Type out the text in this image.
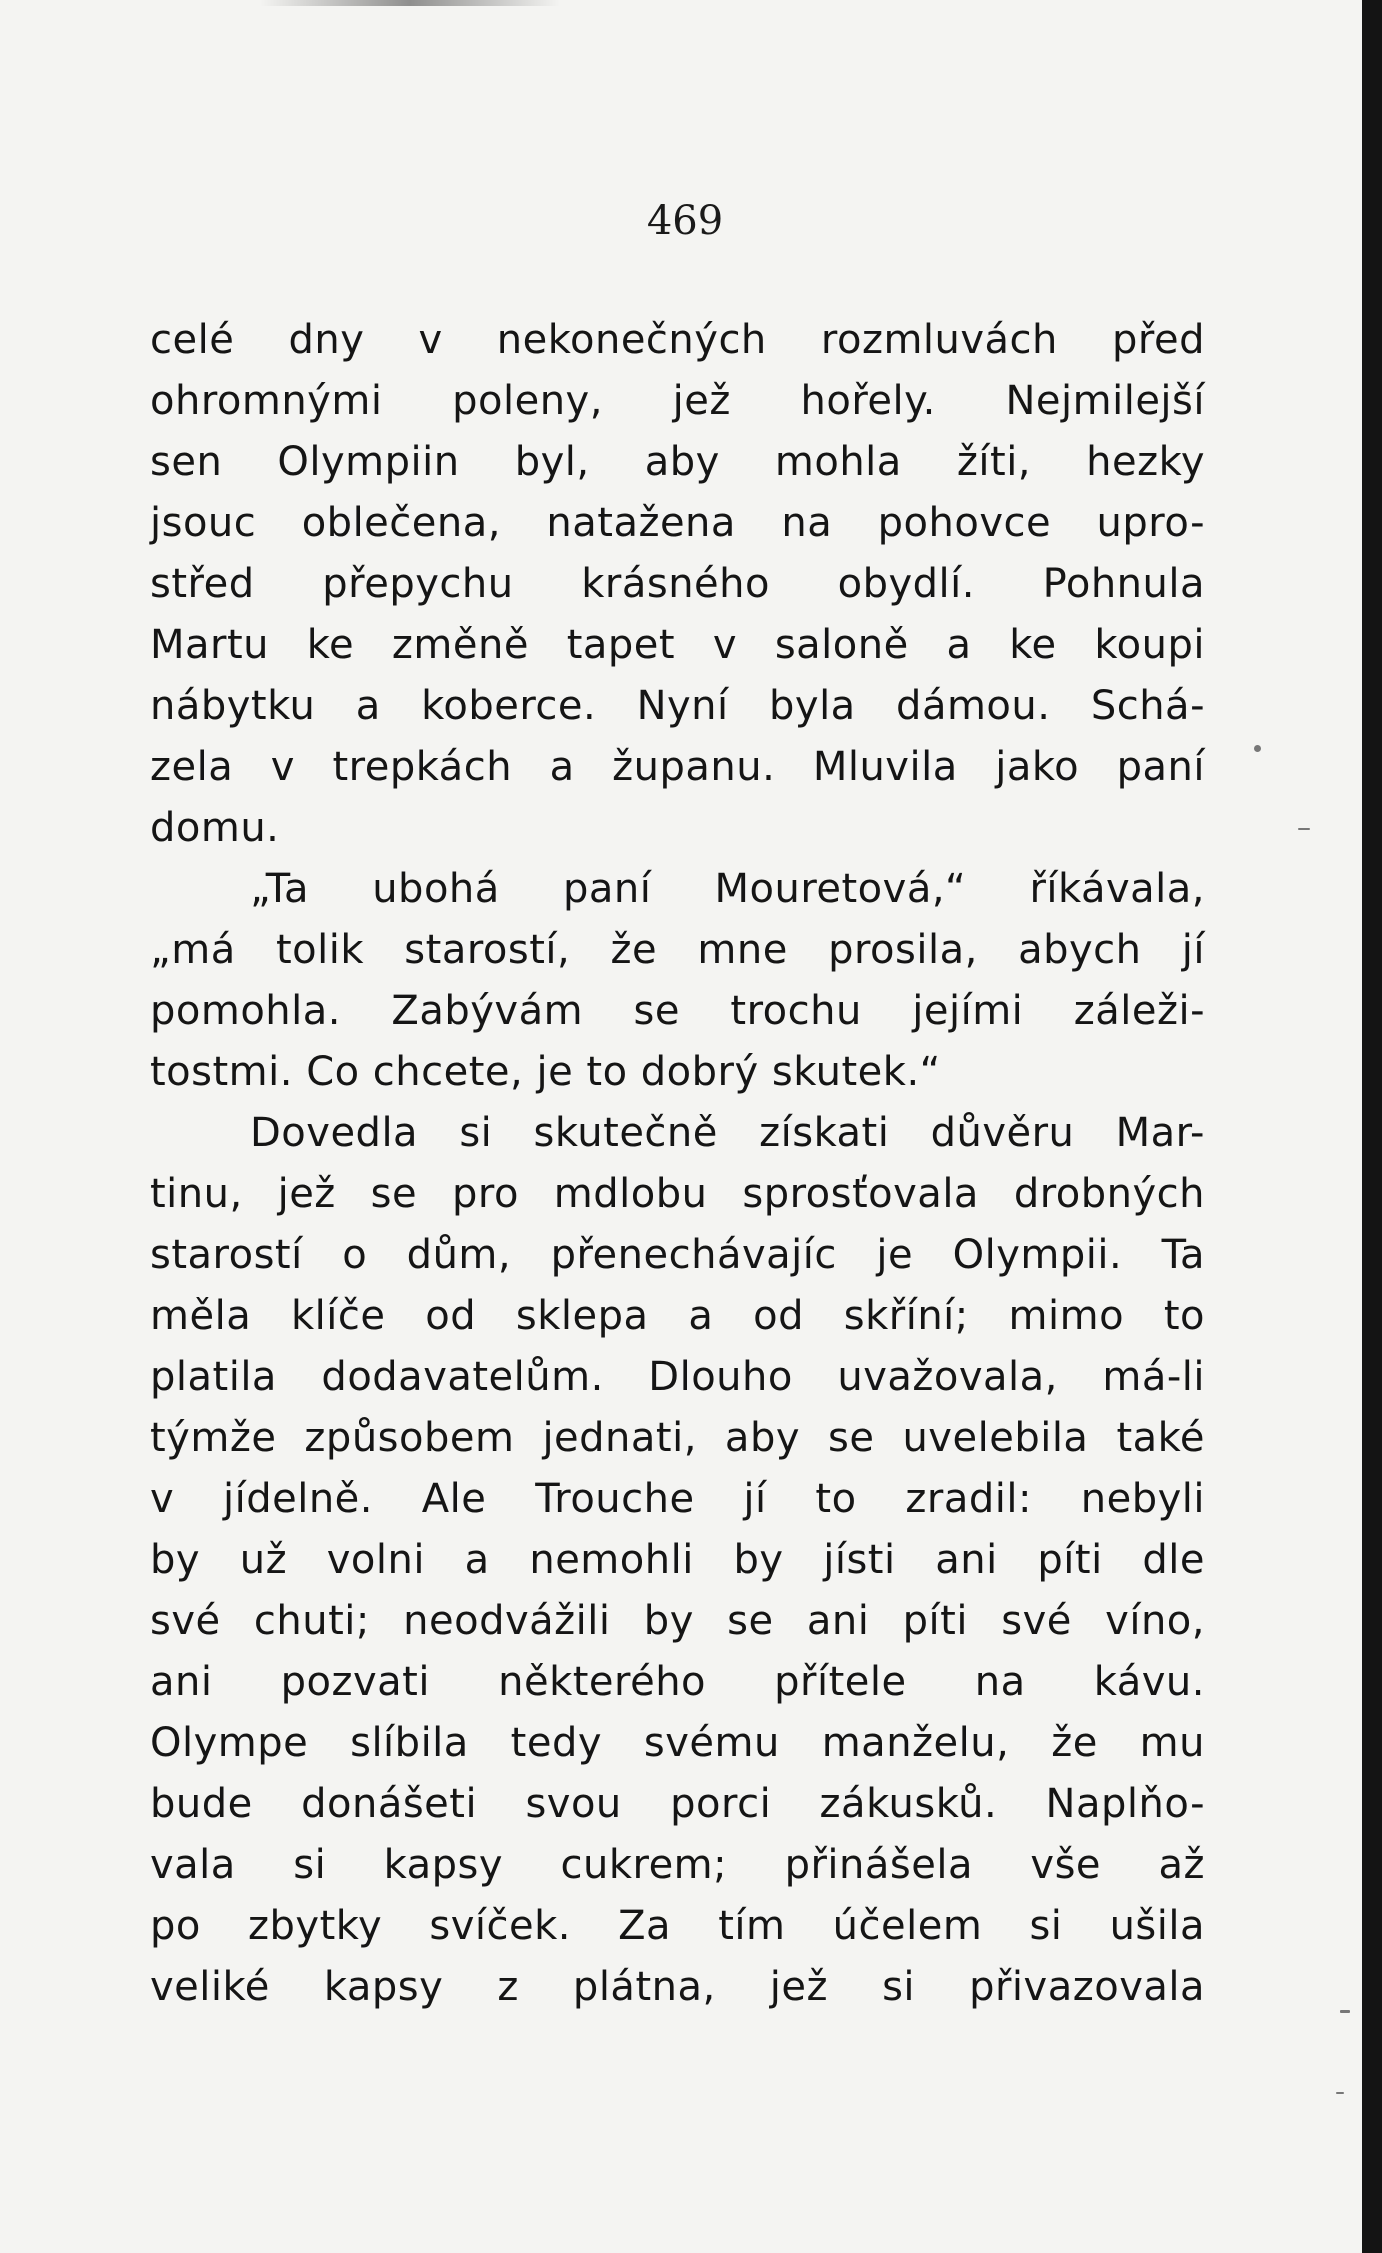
469
celé dny v nekonečných rozmluvách před
ohromnými poleny, jež hořely. Nejmilejší
sen Olympiin byl, aby mohla žíti, hezky
jsouc oblečena, natažena na pohovce upro-
střed přepychu krásného obydlí. Pohnula
Martu ke změně tapet v saloně a ke koupi
nábytku a koberce. Nyní byla dámou. Schá-
zela v trepkách a županu. Mluvila jako paní
domu.
„Ta ubohá paní Mouretová,“ říkávala,
„má tolik starostí, že mne prosila, abych jí
pomohla. Zabývám se trochu jejími záleži-
tostmi. Co chcete, je to dobrý skutek.“
Dovedla si skutečně získati důvěru Mar-
tinu, jež se pro mdlobu sprosťovala drobných
starostí o dům, přenechávajíc je Olympii. Ta
měla klíče od sklepa a od skříní; mimo to
platila dodavatelům. Dlouho uvažovala, má-li
týmže způsobem jednati, aby se uvelebila také
v jídelně. Ale Trouche jí to zradil: nebyli
by už volni a nemohli by jísti ani píti dle
své chuti; neodvážili by se ani píti své víno,
ani pozvati některého přítele na kávu.
Olympe slíbila tedy svému manželu, že mu
bude donášeti svou porci zákusků. Naplňo-
vala si kapsy cukrem; přinášela vše až
po zbytky svíček. Za tím účelem si ušila
veliké kapsy z plátna, jež si přivazovala
